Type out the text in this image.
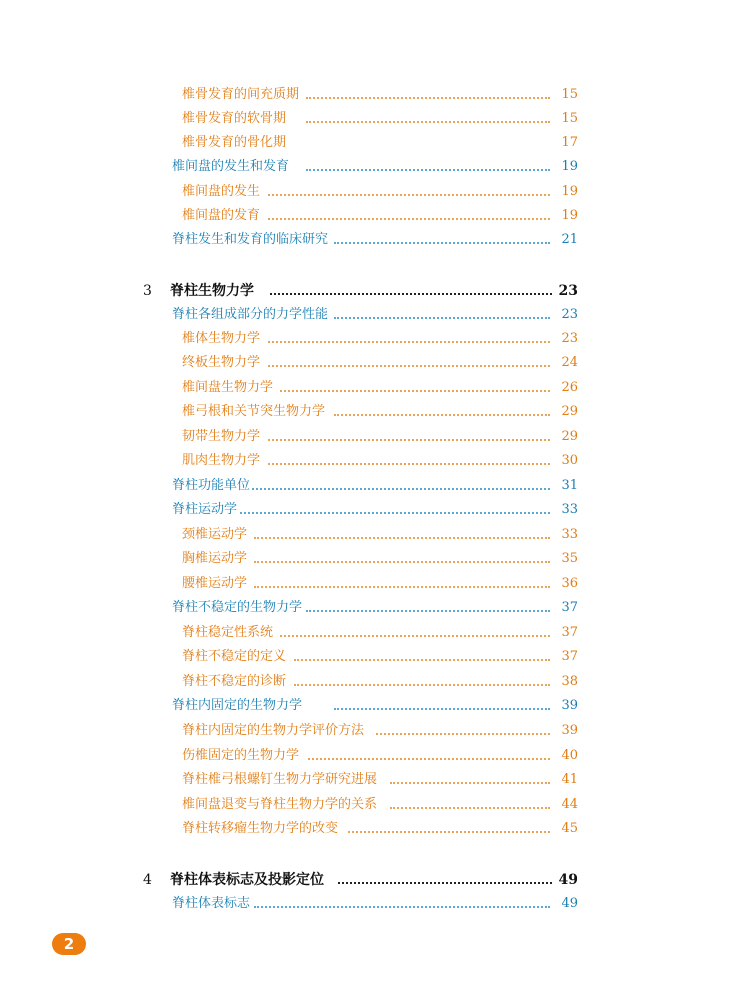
椎骨发育的间充质期	15
椎骨发育的软骨期	15
椎骨发育的骨化期	17
椎间盘的发生和发育	19
椎间盘的发生	19
椎间盘的发育	19
脊柱发生和发育的临床研究	21
3 脊柱生物力学	23
脊柱各组成部分的力学性能	23
椎体生物力学	23
终板生物力学	24
椎间盘生物力学	26
椎弓根和关节突生物力学	29
韧带生物力学	29
肌肉生物力学	30
脊柱功能单位	31
脊柱运动学	33
颈椎运动学	33
胸椎运动学	35
腰椎运动学	36
脊柱不稳定的生物力学	37
脊柱稳定性系统	37
脊柱不稳定的定义	37
脊柱不稳定的诊断	38
脊柱内固定的生物力学	39
脊柱内固定的生物力学评价方法	39
伤椎固定的生物力学	40
脊柱椎弓根螺钉生物力学研究进展	41
椎间盘退变与脊柱生物力学的关系	44
脊柱转移瘤生物力学的改变	45
4 脊柱体表标志及投影定位	49
脊柱体表标志	49
2
